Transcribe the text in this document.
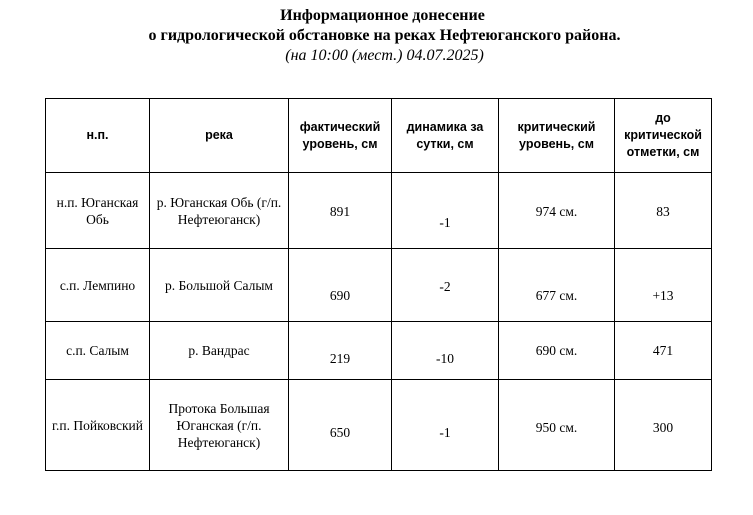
Информационное донесение
о гидрологической обстановке на реках Нефтеюганского района.
(на 10:00 (мест.) 04.07.2025)
н.п.	река	фактический уровень, см	динамика за сутки, см	критический уровень, см	до критической отметки, см
н.п. Юганская Обь	р. Юганская Обь (г/п. Нефтеюганск)	891	-1	974 см.	83

с.п. Лемпино	р. Большой Салым	690	-2	677 см.	+13

с.п. Салым	р. Вандрас	219	-10	690 см.	471

г.п. Пойковский	Протока Большая Юганская (г/п. Нефтеюганск)	650	-1	950 см.	300
